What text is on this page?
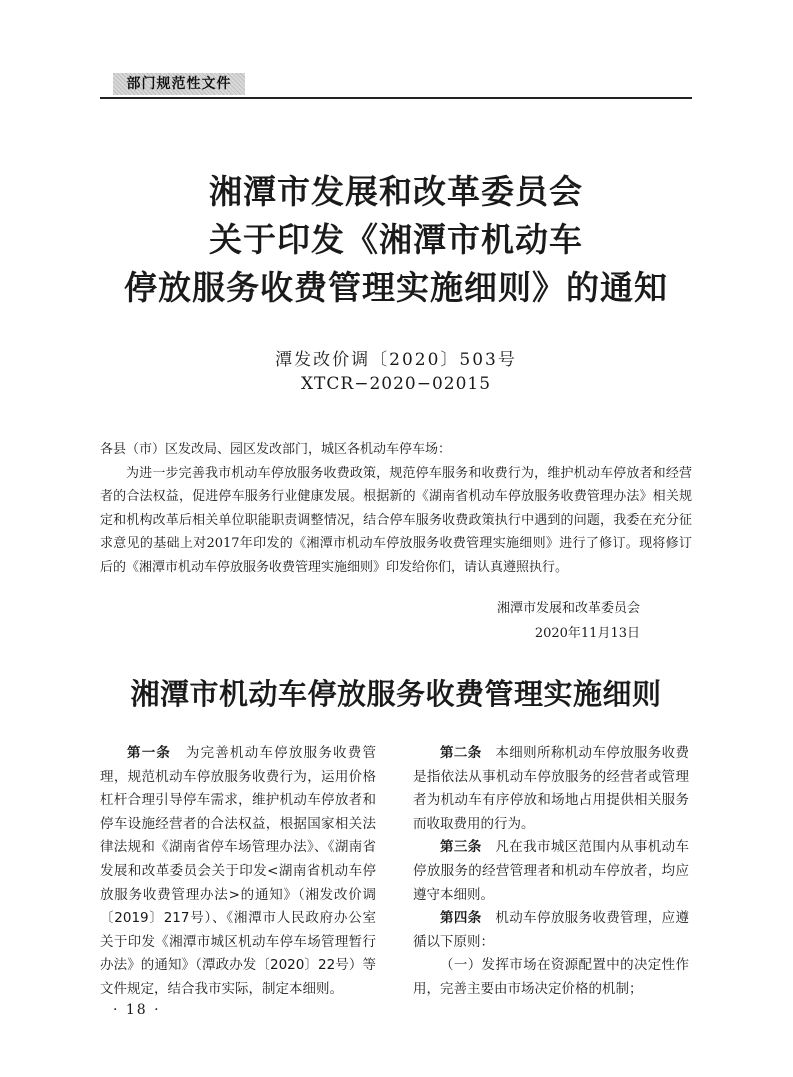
部门规范性文件
湘潭市发展和改革委员会
关于印发《湘潭市机动车
停放服务收费管理实施细则》的通知
潭发改价调〔2020〕503号
XTCR−2020−02015

各县（市）区发改局、园区发改部门，城区各机动车停车场：

为进一步完善我市机动车停放服务收费政策，规范停车服务和收费行为，维护机动车停放者和经营者的合法权益，促进停车服务行业健康发展。根据新的《湖南省机动车停放服务收费管理办法》相关规定和机构改革后相关单位职能职责调整情况，结合停车服务收费政策执行中遇到的问题，我委在充分征求意见的基础上对2017年印发的《湘潭市机动车停放服务收费管理实施细则》进行了修订。现将修订后的《湘潭市机动车停放服务收费管理实施细则》印发给你们，请认真遵照执行。

湘潭市发展和改革委员会
2020年11月13日
湘潭市机动车停放服务收费管理实施细则

第一条　 为完善机动车停放服务收费管理，规范机动车停放服务收费行为，运用价格杠杆合理引导停车需求，维护机动车停放者和停车设施经营者的合法权益，根据国家相关法律法规和《湖南省停车场管理办法》、《湖南省发展和改革委员会关于印发<湖南省机动车停放服务收费管理办法>的通知》（湘发改价调〔2019〕217号）、《湘潭市人民政府办公室关于印发《湘潭市城区机动车停车场管理暂行办法》的通知》（潭政办发〔2020〕22号）等文件规定，结合我市实际，制定本细则。

第二条　 本细则所称机动车停放服务收费是指依法从事机动车停放服务的经营者或管理者为机动车有序停放和场地占用提供相关服务而收取费用的行为。

第三条　 凡在我市城区范围内从事机动车停放服务的经营管理者和机动车停放者，均应遵守本细则。

第四条　 机动车停放服务收费管理，应遵循以下原则：

（一）发挥市场在资源配置中的决定性作用，完善主要由市场决定价格的机制；

· 18 ·
